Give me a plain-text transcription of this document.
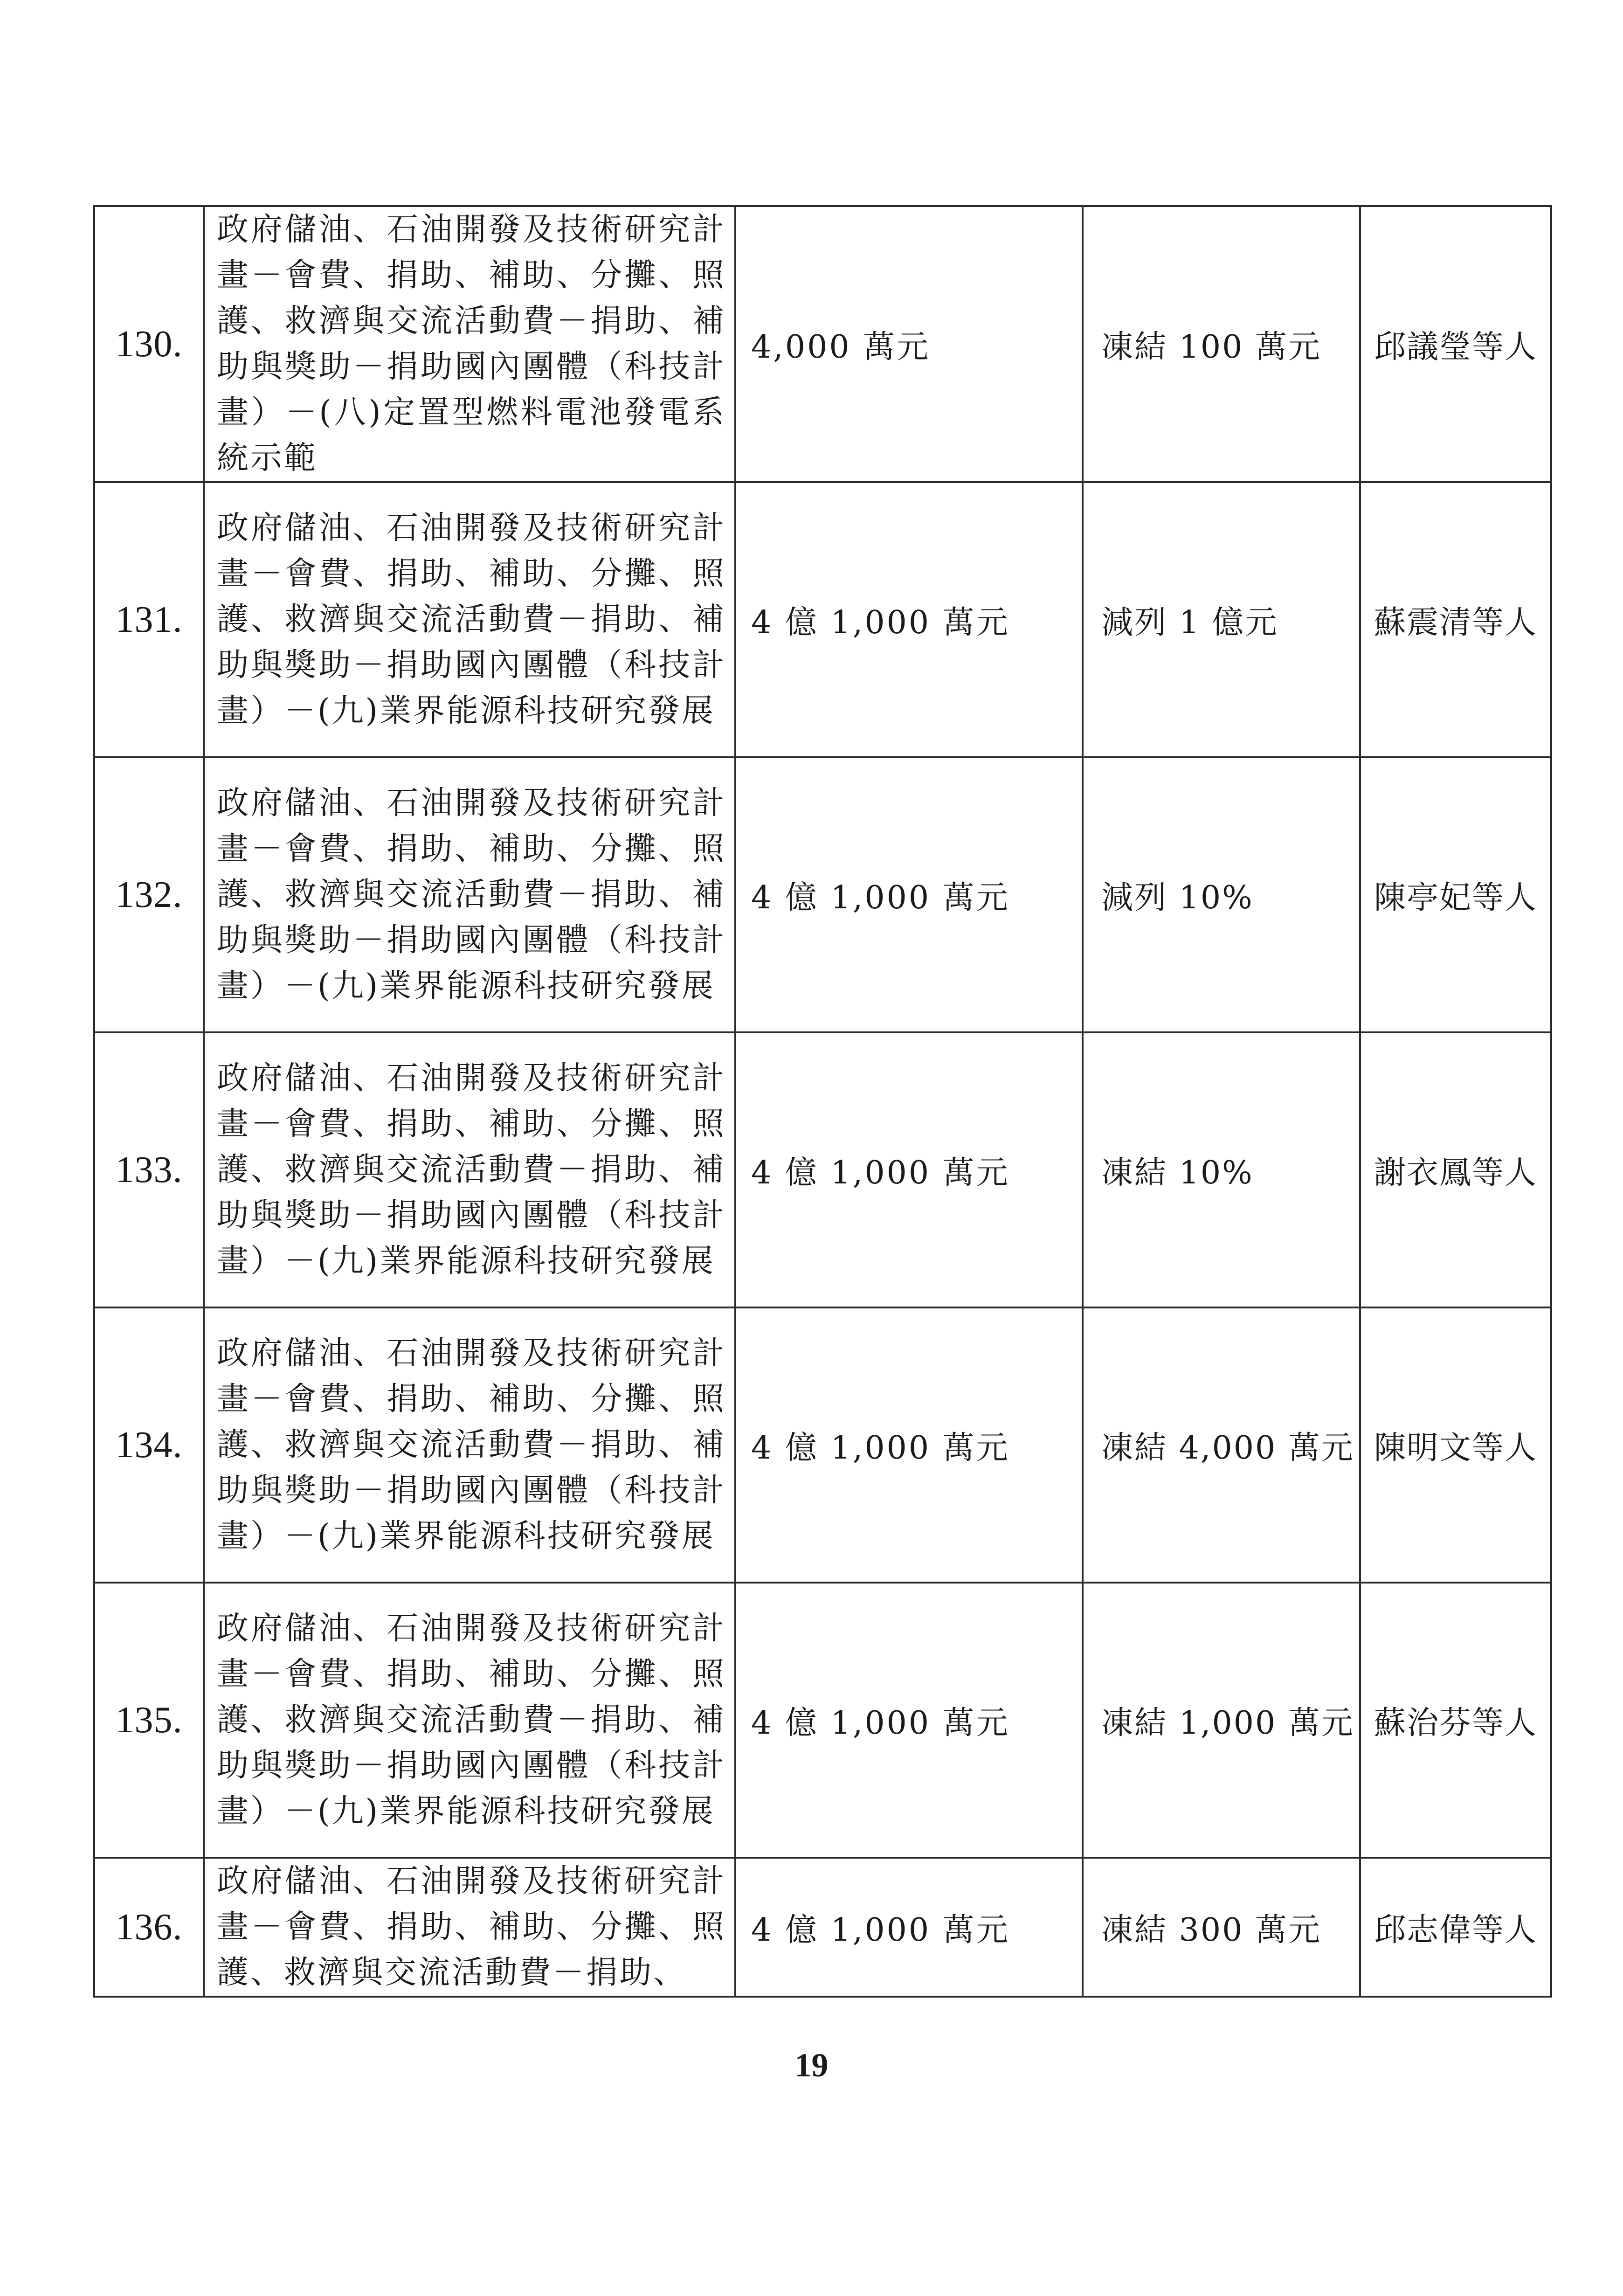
130.	政府儲油、石油開發及技術研究計畫－會費、捐助、補助、分攤、照護、救濟與交流活動費－捐助、補助與獎助－捐助國內團體（科技計畫）－(八)定置型燃料電池發電系統示範	4,000 萬元	凍結 100 萬元	邱議瑩等人
131.	政府儲油、石油開發及技術研究計畫－會費、捐助、補助、分攤、照護、救濟與交流活動費－捐助、補助與獎助－捐助國內團體（科技計畫）－(九)業界能源科技研究發展	4 億 1,000 萬元	減列 1 億元	蘇震清等人
132.	政府儲油、石油開發及技術研究計畫－會費、捐助、補助、分攤、照護、救濟與交流活動費－捐助、補助與獎助－捐助國內團體（科技計畫）－(九)業界能源科技研究發展	4 億 1,000 萬元	減列 10%	陳亭妃等人
133.	政府儲油、石油開發及技術研究計畫－會費、捐助、補助、分攤、照護、救濟與交流活動費－捐助、補助與獎助－捐助國內團體（科技計畫）－(九)業界能源科技研究發展	4 億 1,000 萬元	凍結 10%	謝衣鳳等人
134.	政府儲油、石油開發及技術研究計畫－會費、捐助、補助、分攤、照護、救濟與交流活動費－捐助、補助與獎助－捐助國內團體（科技計畫）－(九)業界能源科技研究發展	4 億 1,000 萬元	凍結 4,000 萬元	陳明文等人
135.	政府儲油、石油開發及技術研究計畫－會費、捐助、補助、分攤、照護、救濟與交流活動費－捐助、補助與獎助－捐助國內團體（科技計畫）－(九)業界能源科技研究發展	4 億 1,000 萬元	凍結 1,000 萬元	蘇治芬等人
136.	政府儲油、石油開發及技術研究計畫－會費、捐助、補助、分攤、照護、救濟與交流活動費－捐助、	4 億 1,000 萬元	凍結 300 萬元	邱志偉等人
19
